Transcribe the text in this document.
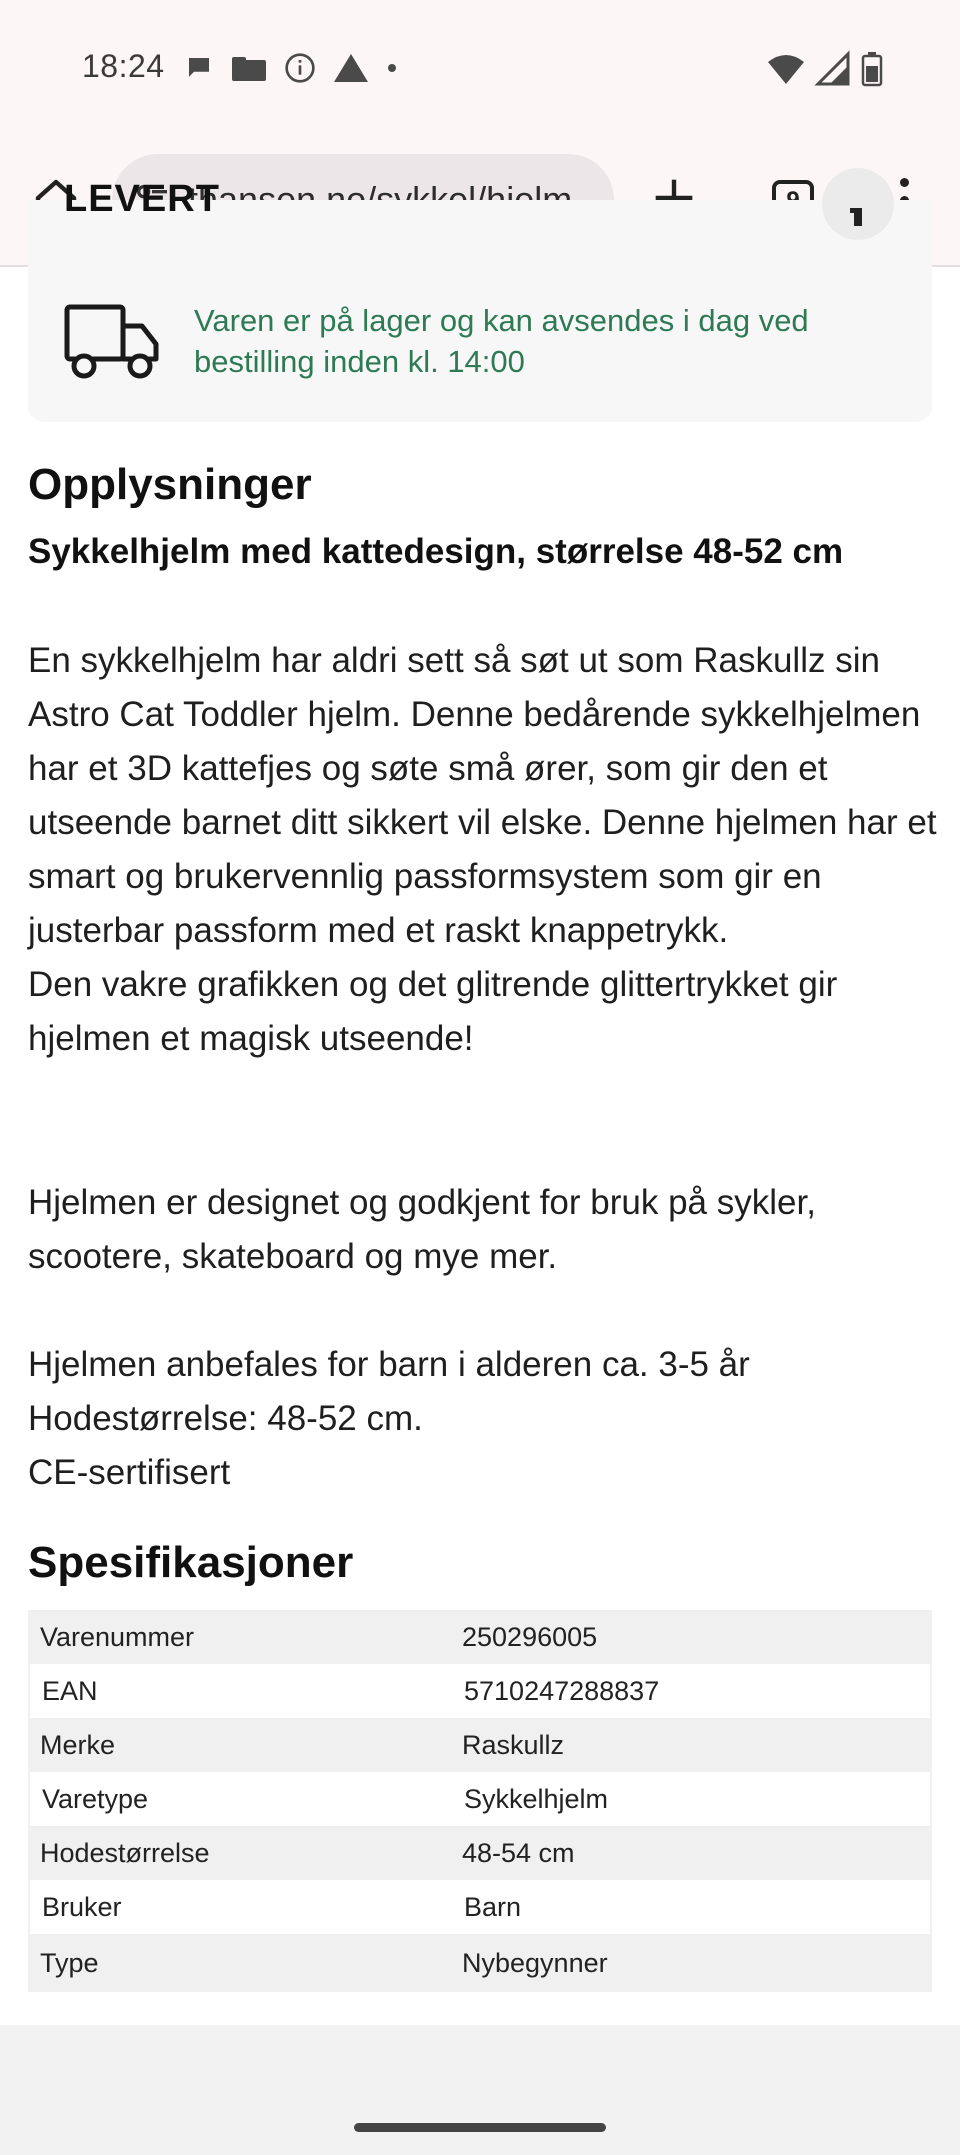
18:24
LEVERT
Varen er på lager og kan avsendes i dag ved bestilling inden kl. 14:00
Opplysninger
Sykkelhjelm med kattedesign, størrelse 48-52 cm

En sykkelhjelm har aldri sett så søt ut som Raskullz sin Astro Cat Toddler hjelm. Denne bedårende sykkelhjelmen har et 3D kattefjes og søte små ører, som gir den et utseende barnet ditt sikkert vil elske. Denne hjelmen har et smart og brukervennlig passformsystem som gir en justerbar passform med et raskt knappetrykk.

Den vakre grafikken og det glitrende glittertrykket gir hjelmen et magisk utseende!

Hjelmen er designet og godkjent for bruk på sykler, scootere, skateboard og mye mer.

Hjelmen anbefales for barn i alderen ca. 3-5 år

Hodestørrelse: 48-52 cm.

CE-sertifisert

Spesifikasjoner
Varenummer	250296005
EAN	5710247288837
Merke	Raskullz
Varetype	Sykkelhjelm
Hodestørrelse	48-54 cm
Bruker	Barn
Type	Nybegynner
